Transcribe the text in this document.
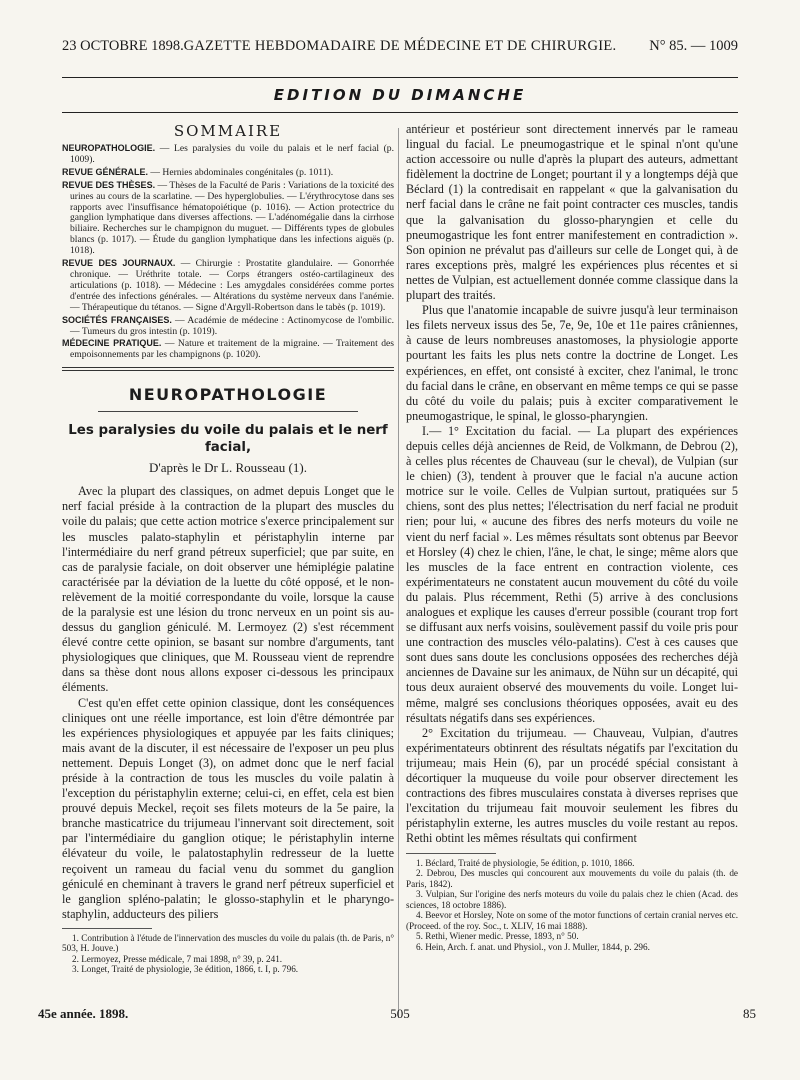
23 OCTOBRE 1898. GAZETTE HEBDOMADAIRE DE MÉDECINE ET DE CHIRURGIE.	N° 85. — 1009
EDITION DU DIMANCHE
SOMMAIRE

NEUROPATHOLOGIE. — Les paralysies du voile du palais et le nerf facial (p. 1009).

REVUE GÉNÉRALE. — Hernies abdominales congénitales (p. 1011).

REVUE DES THÈSES. — Thèses de la Faculté de Paris : Variations de la toxicité des urines au cours de la scarlatine. — Des hyperglobulies. — L'érythrocytose dans ses rapports avec l'insuffisance hématopoiétique (p. 1016). — Action protectrice du ganglion lymphatique dans diverses affections. — L'adénomégalie dans la cirrhose biliaire. Recherches sur le champignon du muguet. — Différents types de globules blancs (p. 1017). — Étude du ganglion lymphatique dans les infections aiguës (p. 1018).

REVUE DES JOURNAUX. — Chirurgie : Prostatite glandulaire. — Gonorrhée chronique. — Uréthrite totale. — Corps étrangers ostéo-cartilagineux des articulations (p. 1018). — Médecine : Les amygdales considérées comme portes d'entrée des infections générales. — Altérations du système nerveux dans l'anémie. — Thérapeutique du tétanos. — Signe d'Argyll-Robertson dans le tabès (p. 1019).

SOCIÉTÉS FRANÇAISES. — Académie de médecine : Actinomycose de l'ombilic. — Tumeurs du gros intestin (p. 1019).

MÉDECINE PRATIQUE. — Nature et traitement de la migraine. — Traitement des empoisonnements par les champignons (p. 1020).

NEUROPATHOLOGIE
Les paralysies du voile du palais et le nerf facial,
D'après le Dr L. Rousseau (1).

Avec la plupart des classiques, on admet depuis Longet que le nerf facial préside à la contraction de la plupart des muscles du voile du palais; que cette action motrice s'exerce principalement sur les muscles palato-staphylin et péristaphylin interne par l'intermédiaire du nerf grand pétreux superficiel; que par suite, en cas de paralysie faciale, on doit observer une hémiplégie palatine caractérisée par la déviation de la luette du côté opposé, et le non-relèvement de la moitié correspondante du voile, lorsque la cause de la paralysie est une lésion du tronc nerveux en un point sis au-dessus du ganglion géniculé. M. Lermoyez (2) s'est récemment élevé contre cette opinion, se basant sur nombre d'arguments, tant physiologiques que cliniques, que M. Rousseau vient de reprendre dans sa thèse dont nous allons exposer ci-dessous les principaux éléments.

C'est qu'en effet cette opinion classique, dont les conséquences cliniques ont une réelle importance, est loin d'être démontrée par les expériences physiologiques et appuyée par les faits cliniques; mais avant de la discuter, il est nécessaire de l'exposer un peu plus nettement. Depuis Longet (3), on admet donc que le nerf facial préside à la contraction de tous les muscles du voile palatin à l'exception du péristaphylin externe; celui-ci, en effet, cela est bien prouvé depuis Meckel, reçoit ses filets moteurs de la 5e paire, la branche masticatrice du trijumeau l'innervant soit directement, soit par l'intermédiaire du ganglion otique; le péristaphylin interne élévateur du voile, le palatostaphylin redresseur de la luette reçoivent un rameau du facial venu du sommet du ganglion géniculé en cheminant à travers le grand nerf pétreux superficiel et le ganglion spléno-palatin; le glosso-staphylin et le pharyngo-staphylin, adducteurs des piliers

1. Contribution à l'étude de l'innervation des muscles du voile du palais (th. de Paris, n° 503, H. Jouve.)

2. Lermoyez, Presse médicale, 7 mai 1898, n° 39, p. 241.

3. Longet, Traité de physiologie, 3e édition, 1866, t. I, p. 796.

antérieur et postérieur sont directement innervés par le rameau lingual du facial. Le pneumogastrique et le spinal n'ont qu'une action accessoire ou nulle d'après la plupart des auteurs, admettant fidèlement la doctrine de Longet; pourtant il y a longtemps déjà que Béclard (1) la contredisait en rappelant « que la galvanisation du nerf facial dans le crâne ne fait point contracter ces muscles, tandis que la galvanisation du glosso-pharyngien et celle du pneumogastrique les font entrer manifestement en contradiction ». Son opinion ne prévalut pas d'ailleurs sur celle de Longet qui, à de rares exceptions près, malgré les expériences plus récentes et si nettes de Vulpian, est actuellement donnée comme classique dans la plupart des traités.

Plus que l'anatomie incapable de suivre jusqu'à leur terminaison les filets nerveux issus des 5e, 7e, 9e, 10e et 11e paires crâniennes, à cause de leurs nombreuses anastomoses, la physiologie apporte pourtant les faits les plus nets contre la doctrine de Longet. Les expériences, en effet, ont consisté à exciter, chez l'animal, le tronc du facial dans le crâne, en observant en même temps ce qui se passe du côté du voile du palais; puis à exciter comparativement le pneumogastrique, le spinal, le glosso-pharyngien.

I.— 1° Excitation du facial. — La plupart des expériences depuis celles déjà anciennes de Reid, de Volkmann, de Debrou (2), à celles plus récentes de Chauveau (sur le cheval), de Vulpian (sur le chien) (3), tendent à prouver que le facial n'a aucune action motrice sur le voile. Celles de Vulpian surtout, pratiquées sur 5 chiens, sont des plus nettes; l'électrisation du nerf facial ne produit rien; pour lui, « aucune des fibres des nerfs moteurs du voile ne vient du nerf facial ». Les mêmes résultats sont obtenus par Beevor et Horsley (4) chez le chien, l'âne, le chat, le singe; même alors que les muscles de la face entrent en contraction violente, ces expérimentateurs ne constatent aucun mouvement du côté du voile du palais. Plus récemment, Rethi (5) arrive à des conclusions analogues et explique les causes d'erreur possible (courant trop fort se diffusant aux nerfs voisins, soulèvement passif du voile pris pour une contraction des muscles vélo-palatins). C'est à ces causes que sont dues sans doute les conclusions opposées des recherches déjà anciennes de Davaine sur les animaux, de Nühn sur un décapité, qui tous deux auraient observé des mouvements du voile. Longet lui-même, malgré ses conclusions théoriques opposées, avait eu des résultats négatifs dans ses expériences.

2° Excitation du trijumeau. — Chauveau, Vulpian, d'autres expérimentateurs obtinrent des résultats négatifs par l'excitation du trijumeau; mais Hein (6), par un procédé spécial consistant à décortiquer la muqueuse du voile pour observer directement les contractions des fibres musculaires constata à diverses reprises que l'excitation du trijumeau fait mouvoir seulement les fibres du péristaphylin externe, les autres muscles du voile restant au repos. Rethi obtint les mêmes résultats qui confirment

1. Béclard, Traité de physiologie, 5e édition, p. 1010, 1866.

2. Debrou, Des muscles qui concourent aux mouvements du voile du palais (th. de Paris, 1842).

3. Vulpian, Sur l'origine des nerfs moteurs du voile du palais chez le chien (Acad. des sciences, 18 octobre 1886).

4. Beevor et Horsley, Note on some of the motor functions of certain cranial nerves etc. (Proceed. of the roy. Soc., t. XLIV, 16 mai 1888).

5. Rethi, Wiener medic. Presse, 1893, n° 50.

6. Hein, Arch. f. anat. und Physiol., von J. Muller, 1844, p. 296.

45e année. 1898.	505	85
